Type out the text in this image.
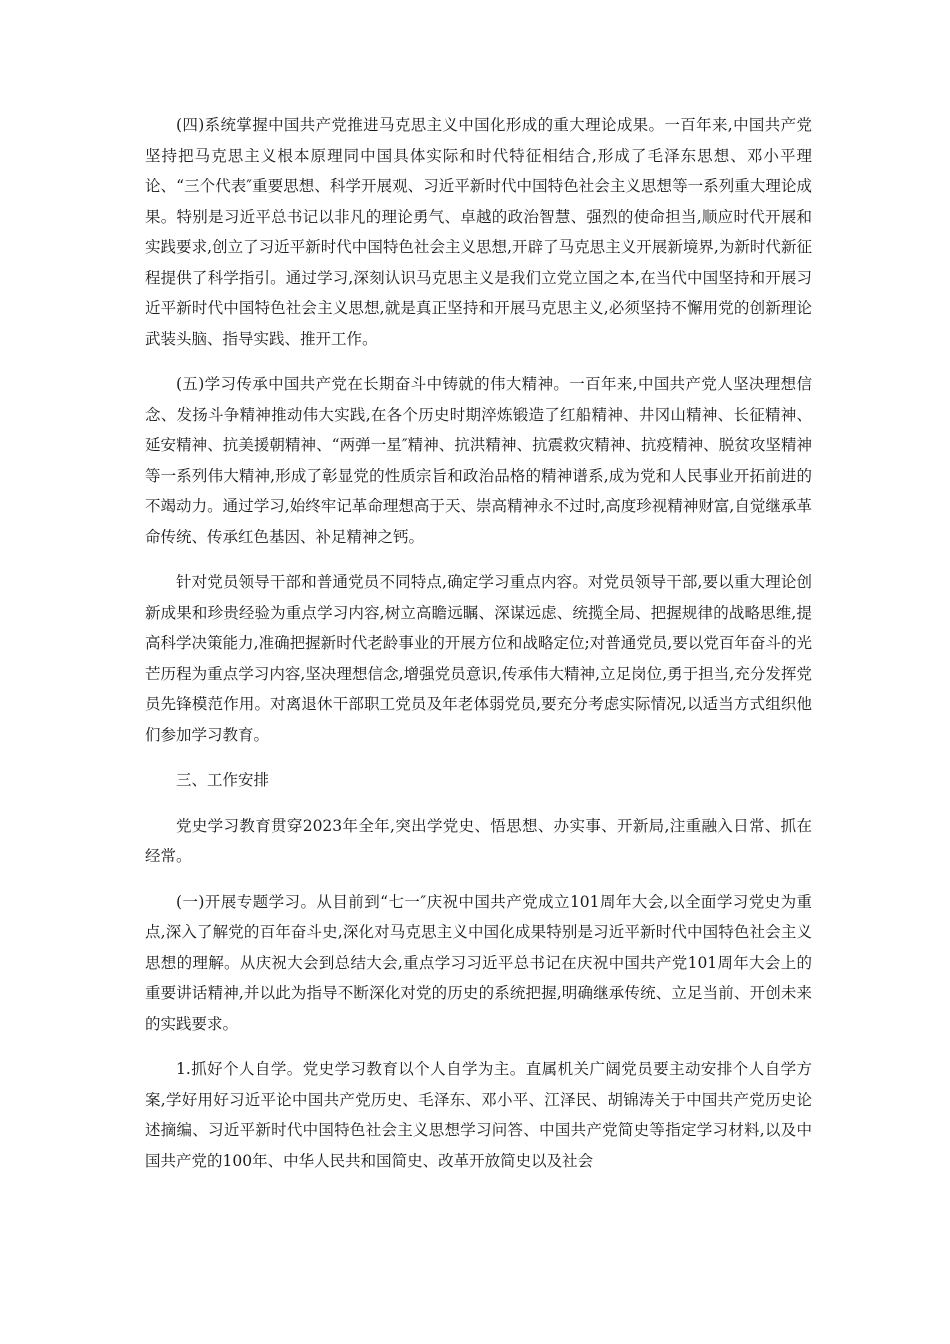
(四)系统掌握中国共产党推进马克思主义中国化形成的重大理论成果。一百年来,中国共产党坚持把马克思主义根本原理同中国具体实际和时代特征相结合,形成了毛泽东思想、邓小平理论、“三个代表″重要思想、科学开展观、习近平新时代中国特色社会主义思想等一系列重大理论成果。特别是习近平总书记以非凡的理论勇气、卓越的政治智慧、强烈的使命担当,顺应时代开展和实践要求,创立了习近平新时代中国特色社会主义思想,开辟了马克思主义开展新境界,为新时代新征程提供了科学指引。通过学习,深刻认识马克思主义是我们立党立国之本,在当代中国坚持和开展习近平新时代中国特色社会主义思想,就是真正坚持和开展马克思主义,必须坚持不懈用党的创新理论武装头脑、指导实践、推开工作。

(五)学习传承中国共产党在长期奋斗中铸就的伟大精神。一百年来,中国共产党人坚决理想信念、发扬斗争精神推动伟大实践,在各个历史时期淬炼锻造了红船精神、井冈山精神、长征精神、延安精神、抗美援朝精神、“两弹一星″精神、抗洪精神、抗震救灾精神、抗疫精神、脱贫攻坚精神等一系列伟大精神,形成了彰显党的性质宗旨和政治品格的精神谱系,成为党和人民事业开拓前进的不竭动力。通过学习,始终牢记革命理想高于天、崇高精神永不过时,高度珍视精神财富,自觉继承革命传统、传承红色基因、补足精神之钙。

针对党员领导干部和普通党员不同特点,确定学习重点内容。对党员领导干部,要以重大理论创新成果和珍贵经验为重点学习内容,树立高瞻远瞩、深谋远虑、统揽全局、把握规律的战略思维,提高科学决策能力,准确把握新时代老龄事业的开展方位和战略定位;对普通党员,要以党百年奋斗的光芒历程为重点学习内容,坚决理想信念,增强党员意识,传承伟大精神,立足岗位,勇于担当,充分发挥党员先锋模范作用。对离退休干部职工党员及年老体弱党员,要充分考虑实际情况,以适当方式组织他们参加学习教育。

三、工作安排

党史学习教育贯穿2023年全年,突出学党史、悟思想、办实事、开新局,注重融入日常、抓在经常。

(一)开展专题学习。从目前到“七一″庆祝中国共产党成立101周年大会,以全面学习党史为重点,深入了解党的百年奋斗史,深化对马克思主义中国化成果特别是习近平新时代中国特色社会主义思想的理解。从庆祝大会到总结大会,重点学习习近平总书记在庆祝中国共产党101周年大会上的重要讲话精神,并以此为指导不断深化对党的历史的系统把握,明确继承传统、立足当前、开创未来的实践要求。

1.抓好个人自学。党史学习教育以个人自学为主。直属机关广阔党员要主动安排个人自学方案,学好用好习近平论中国共产党历史、毛泽东、邓小平、江泽民、胡锦涛关于中国共产党历史论述摘编、习近平新时代中国特色社会主义思想学习问答、中国共产党简史等指定学习材料,以及中国共产党的100年、中华人民共和国简史、改革开放简史以及社会
